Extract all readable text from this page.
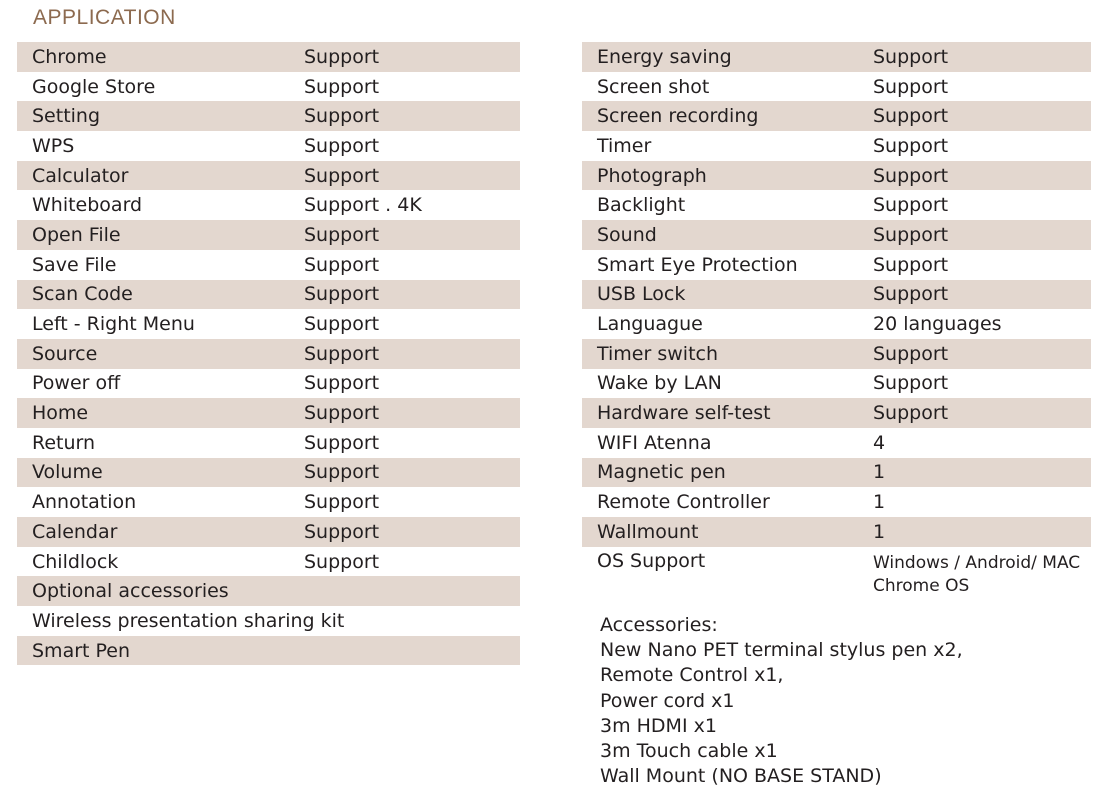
APPLICATION
Chrome	Support
Google Store	Support
Setting	Support
WPS	Support
Calculator	Support
Whiteboard	Support . 4K
Open File	Support
Save File	Support
Scan Code	Support
Left - Right Menu	Support
Source	Support
Power off	Support
Home	Support
Return	Support
Volume	Support
Annotation	Support
Calendar	Support
Childlock	Support
Optional accessories
Wireless presentation sharing kit
Smart Pen
Energy saving	Support
Screen shot	Support
Screen recording	Support
Timer	Support
Photograph	Support
Backlight	Support
Sound	Support
Smart Eye Protection	Support
USB Lock	Support
Languague	20 languages
Timer switch	Support
Wake by LAN	Support
Hardware self-test	Support
WIFI Atenna	4
Magnetic pen	1
Remote Controller	1
Wallmount	1
OS Support	Windows / Android/ MAC
Chrome OS
Accessories:
New Nano PET terminal stylus pen x2,
Remote Control x1,
Power cord x1
3m HDMI x1
3m Touch cable x1
Wall Mount (NO BASE STAND)
